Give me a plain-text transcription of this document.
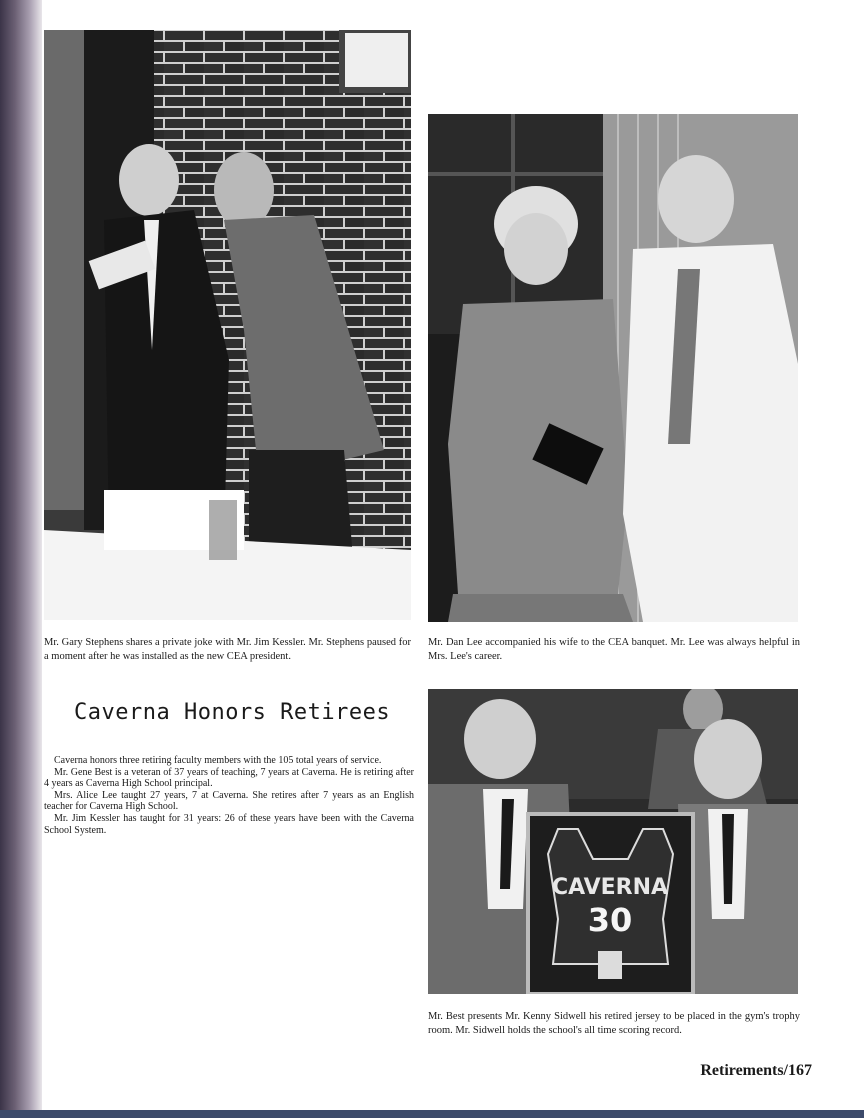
CAVERNA
30
Mr. Gary Stephens shares a private joke with Mr. Jim Kessler. Mr. Stephens paused for a moment after he was installed as the new CEA president.
Mr. Dan Lee accompanied his wife to the CEA banquet. Mr. Lee was always helpful in Mrs. Lee's career.
Mr. Best presents Mr. Kenny Sidwell his retired jersey to be placed in the gym's trophy room. Mr. Sidwell holds the school's all time scoring record.
Caverna Honors Retirees

Caverna honors three retiring faculty members with the 105 total years of service.

Mr. Gene Best is a veteran of 37 years of teaching, 7 years at Caverna. He is retiring after 4 years as Caverna High School principal.

Mrs. Alice Lee taught 27 years, 7 at Caverna. She retires after 7 years as an English teacher for Caverna High School.

Mr. Jim Kessler has taught for 31 years: 26 of these years have been with the Caverna School System.

Retirements/167
